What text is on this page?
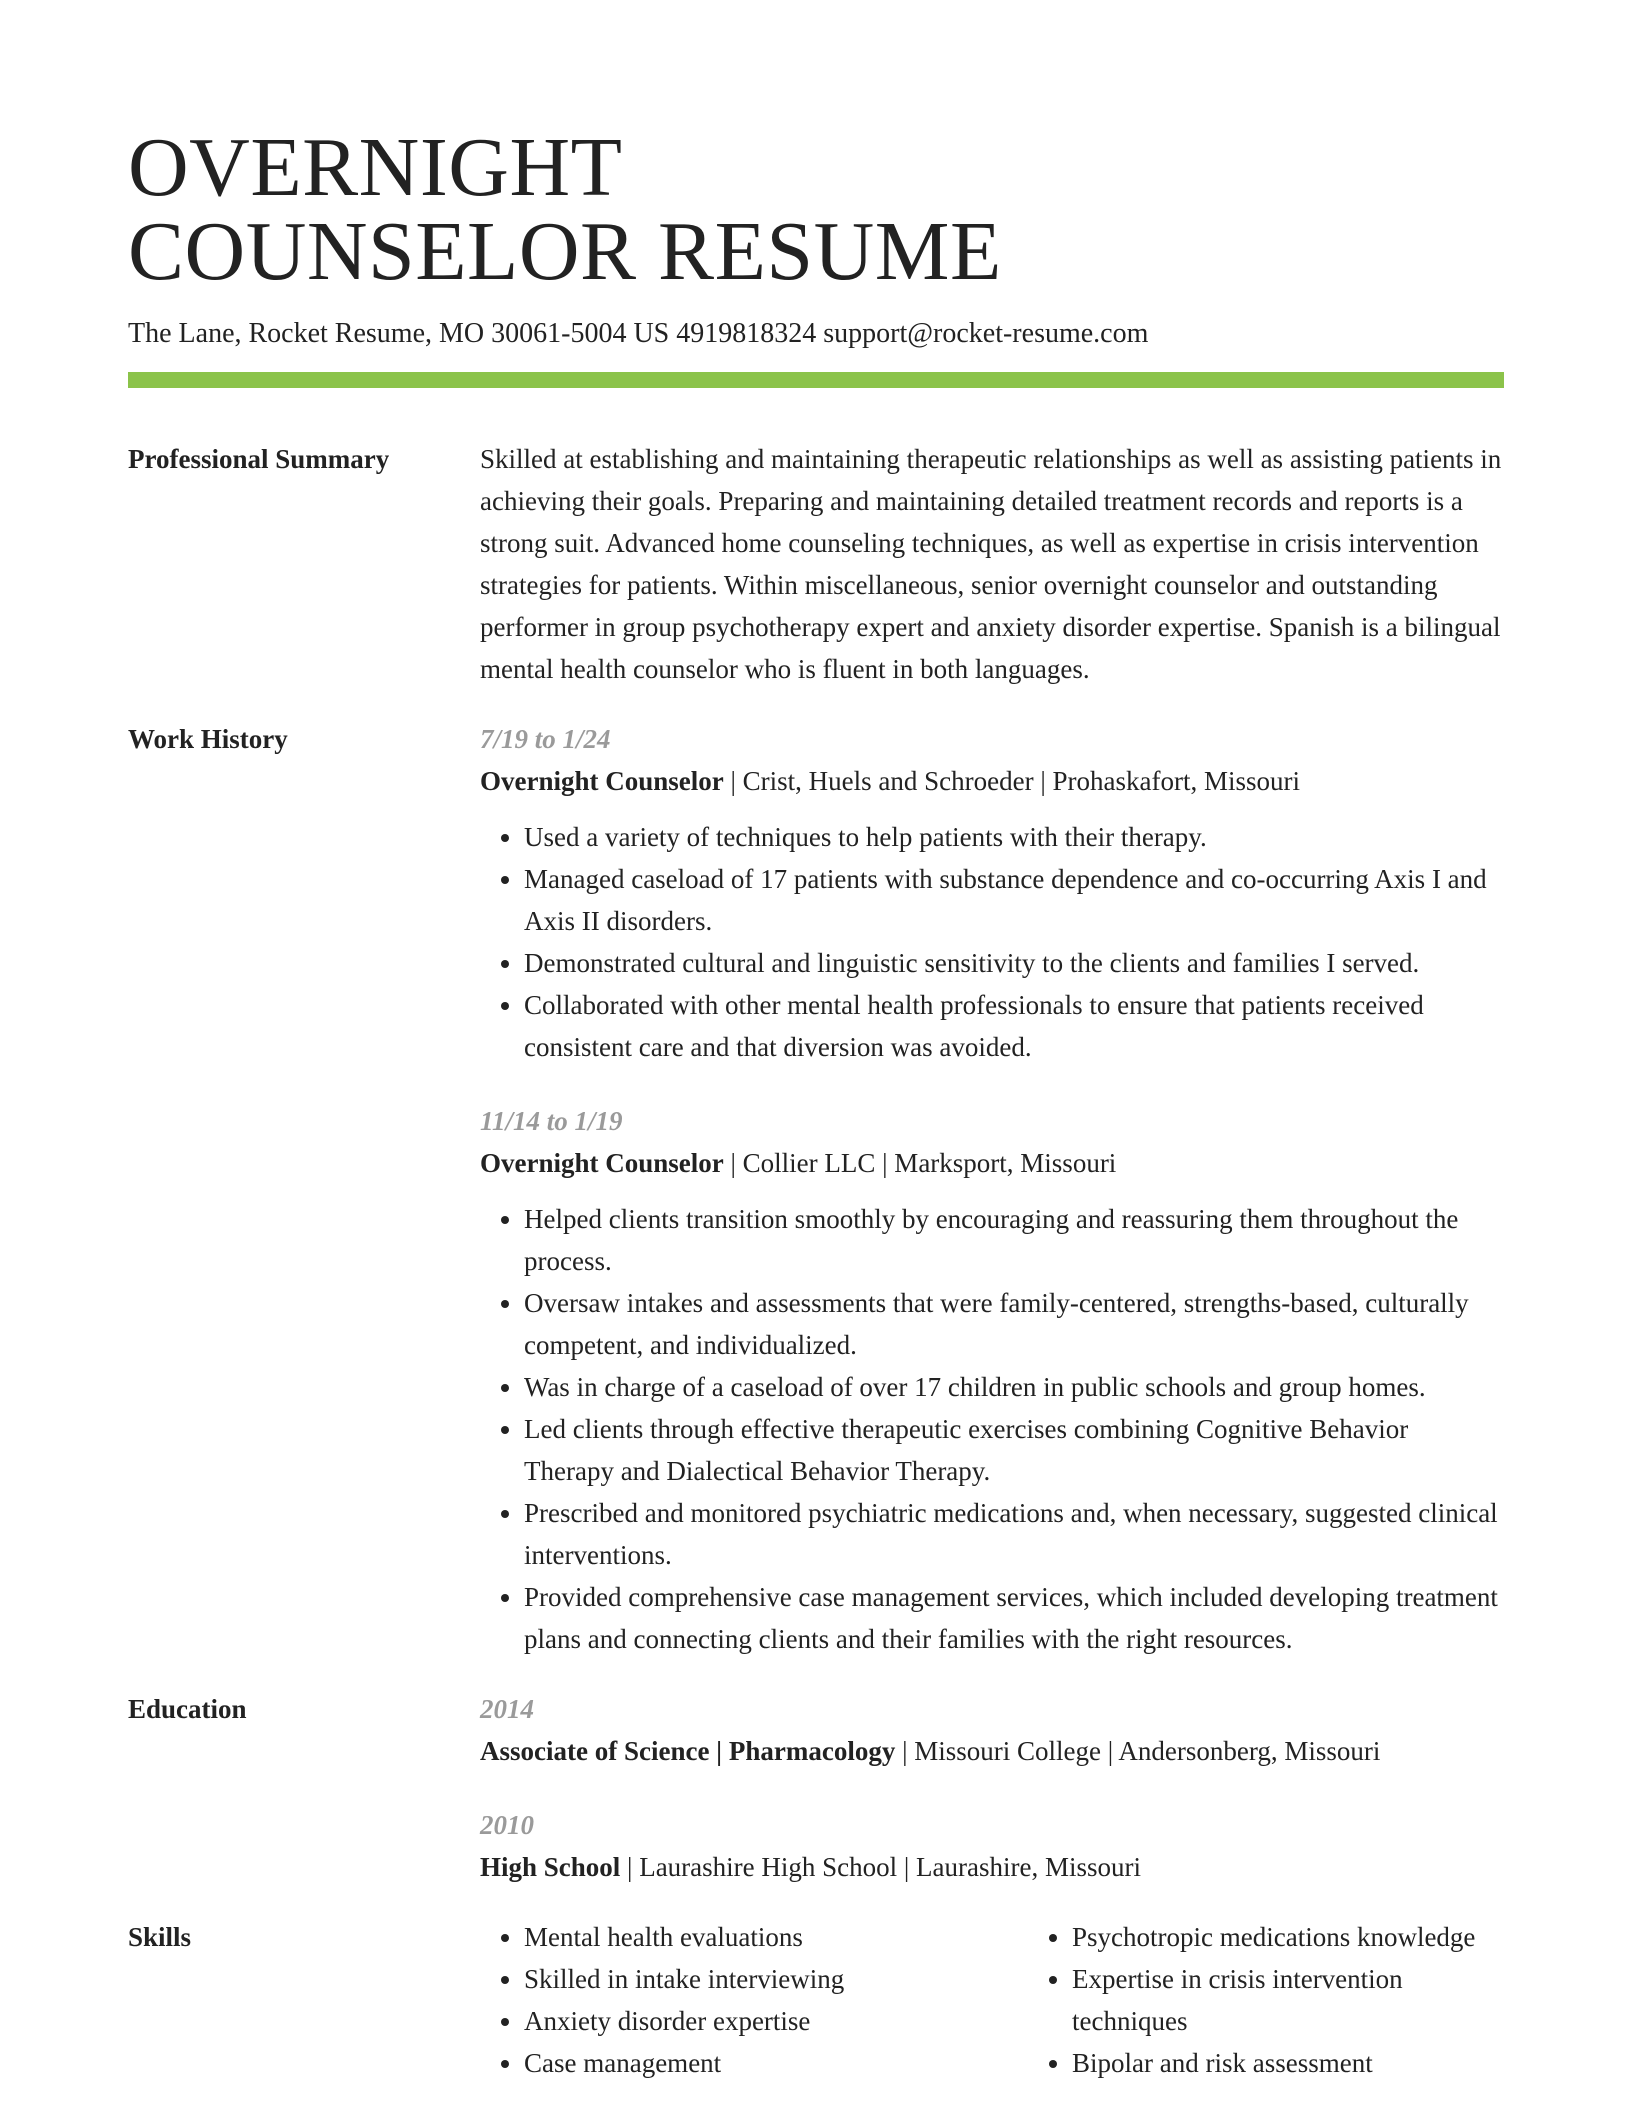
OVERNIGHT
COUNSELOR RESUME
The Lane, Rocket Resume, MO 30061-5004 US 4919818324 support@rocket-resume.com
Professional Summary	Skilled at establishing and maintaining therapeutic relationships as well as assisting patients in achieving their goals. Preparing and maintaining detailed treatment records and reports is a strong suit. Advanced home counseling techniques, as well as expertise in crisis intervention strategies for patients. Within miscellaneous, senior overnight counselor and outstanding performer in group psychotherapy expert and anxiety disorder expertise. Spanish is a bilingual mental health counselor who is fluent in both languages.
Work History	7/19 to 1/24
Overnight Counselor | Crist, Huels and Schroeder | Prohaskafort, Missouri
• Used a variety of techniques to help patients with their therapy.
• Managed caseload of 17 patients with substance dependence and co-occurring Axis I and Axis II disorders.
• Demonstrated cultural and linguistic sensitivity to the clients and families I served.
• Collaborated with other mental health professionals to ensure that patients received consistent care and that diversion was avoided.
11/14 to 1/19
Overnight Counselor | Collier LLC | Marksport, Missouri
• Helped clients transition smoothly by encouraging and reassuring them throughout the process.
• Oversaw intakes and assessments that were family-centered, strengths-based, culturally competent, and individualized.
• Was in charge of a caseload of over 17 children in public schools and group homes.
• Led clients through effective therapeutic exercises combining Cognitive Behavior Therapy and Dialectical Behavior Therapy.
• Prescribed and monitored psychiatric medications and, when necessary, suggested clinical interventions.
• Provided comprehensive case management services, which included developing treatment plans and connecting clients and their families with the right resources.
Education	2014
Associate of Science | Pharmacology | Missouri College | Andersonberg, Missouri
2010
High School | Laurashire High School | Laurashire, Missouri
Skills
•	Mental health evaluations
• Skilled in intake interviewing
• Anxiety disorder expertise
• Case management
• Psychotropic medications knowledge
• Expertise in crisis intervention techniques
• Bipolar and risk assessment
